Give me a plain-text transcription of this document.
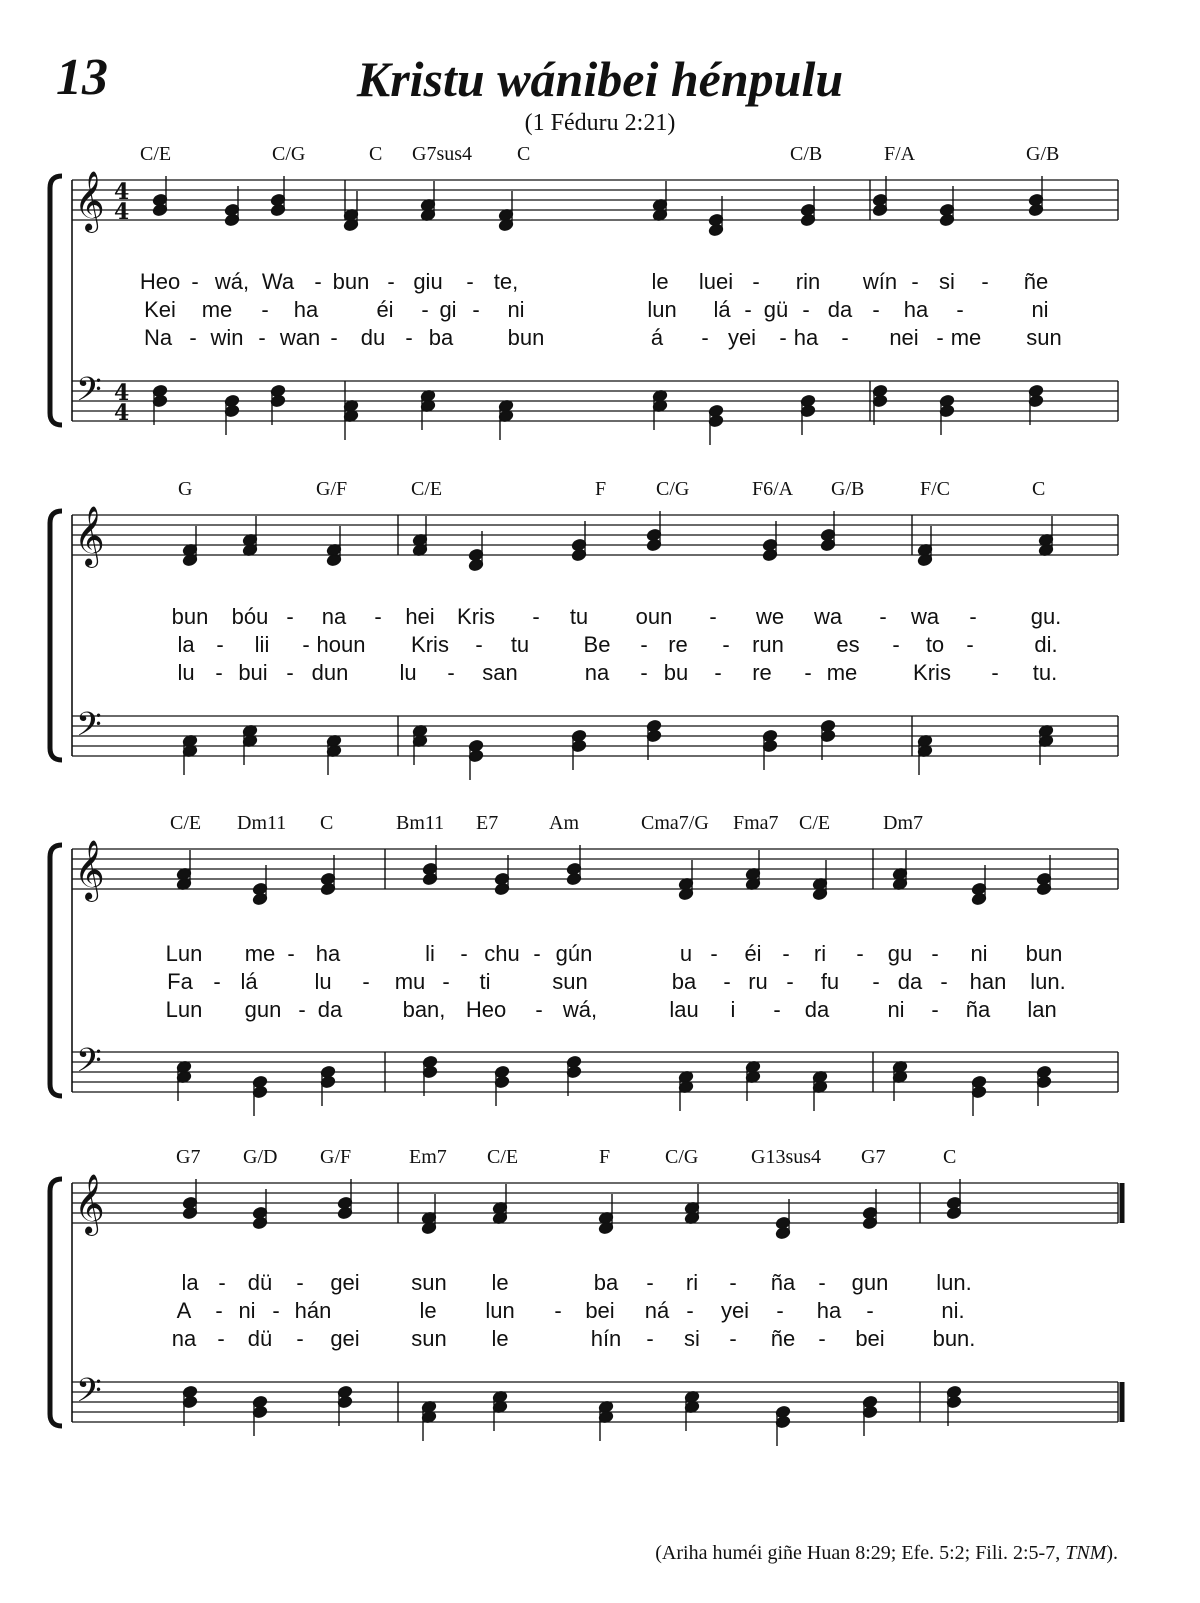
13	Kristu wánibei hénpulu
(1 Féduru 2:21)
𝄞 4
4
𝄢 4
4
𝄞
𝄢
𝄞
𝄢
𝄞
𝄢
C/E	C/G	C G7sus4 C	C/B	F/A	G/B
Heo - wá, Wa - bun - giu - te,	le luei - rin wín - si - ñe
Kei me - ha	éi - gi - ni	lun lá - gü - da - ha -	ni
Na - win - wan - du - ba bun	á - yei - ha - nei - me sun
G	G/F	C/E	F C/G	F6/A G/B	F/C	C
bun bóu - na - hei Kris - tu oun - we wa - wa - gu.
la - lii - houn Kris - tu Be - re - run es - to -	di.
lu - bui - dun lu - san	na - bu - re - me	Kris - tu.
C/E Dm11 C	Bm11 E7	Am	Cma7/G Fma7 C/E	Dm7
Lun me - ha	li - chu - gún	u - éi - ri - gu - ni bun
Fa - lá	lu - mu - ti	sun	ba - ru - fu - da - han lun.
Lun gun - da	ban, Heo - wá,	lau i - da	ni - ña lan
G7 G/D G/F	Em7 C/E	F	C/G	G13sus4 G7	C
la - dü - gei sun le	ba - ri - ña - gun lun.
A - ni - hán	le lun - bei ná - yei - ha -	ni.
na - dü - gei sun le	hín - si - ñe - bei bun.
(Ariha huméi giñe Huan 8:29; Efe. 5:2; Fili. 2:5-7, TNM).
